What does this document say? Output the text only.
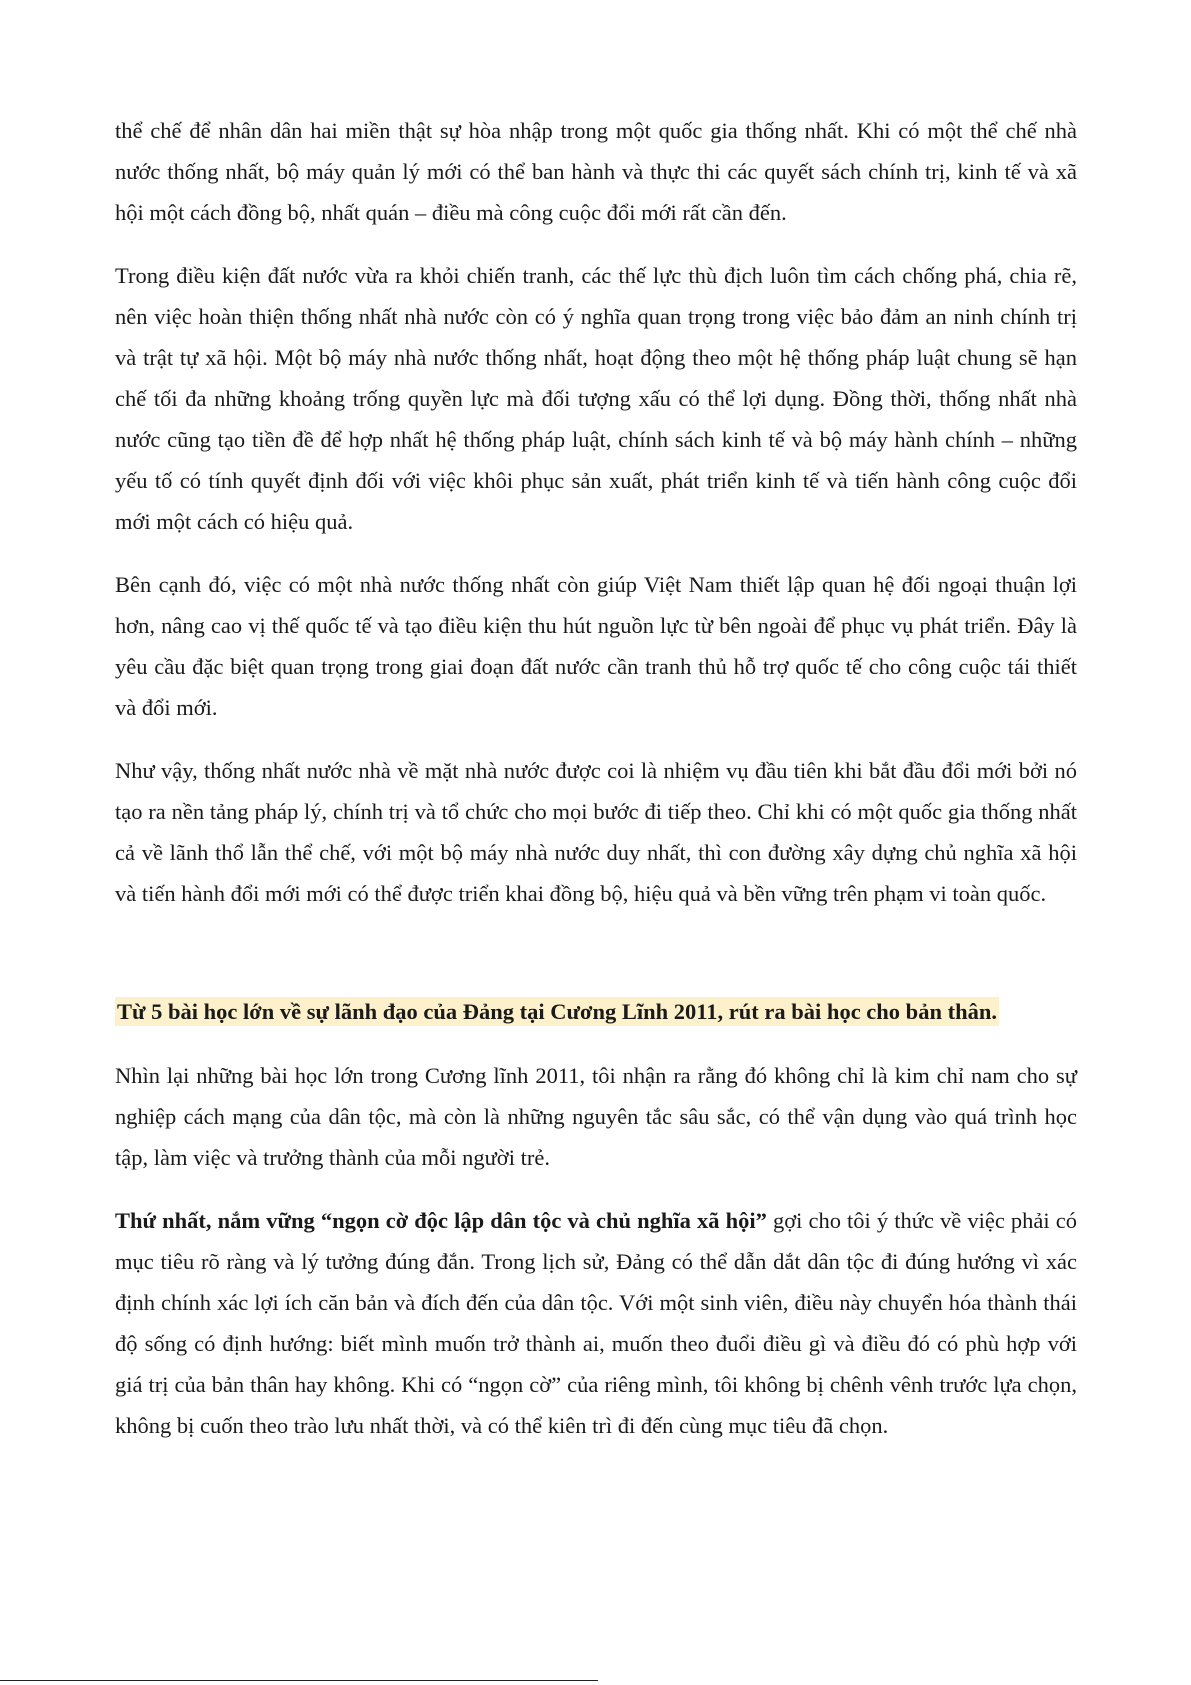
thể chế để nhân dân hai miền thật sự hòa nhập trong một quốc gia thống nhất. Khi có một thể chế nhà nước thống nhất, bộ máy quản lý mới có thể ban hành và thực thi các quyết sách chính trị, kinh tế và xã hội một cách đồng bộ, nhất quán – điều mà công cuộc đổi mới rất cần đến.

Trong điều kiện đất nước vừa ra khỏi chiến tranh, các thế lực thù địch luôn tìm cách chống phá, chia rẽ, nên việc hoàn thiện thống nhất nhà nước còn có ý nghĩa quan trọng trong việc bảo đảm an ninh chính trị và trật tự xã hội. Một bộ máy nhà nước thống nhất, hoạt động theo một hệ thống pháp luật chung sẽ hạn chế tối đa những khoảng trống quyền lực mà đối tượng xấu có thể lợi dụng. Đồng thời, thống nhất nhà nước cũng tạo tiền đề để hợp nhất hệ thống pháp luật, chính sách kinh tế và bộ máy hành chính – những yếu tố có tính quyết định đối với việc khôi phục sản xuất, phát triển kinh tế và tiến hành công cuộc đổi mới một cách có hiệu quả.

Bên cạnh đó, việc có một nhà nước thống nhất còn giúp Việt Nam thiết lập quan hệ đối ngoại thuận lợi hơn, nâng cao vị thế quốc tế và tạo điều kiện thu hút nguồn lực từ bên ngoài để phục vụ phát triển. Đây là yêu cầu đặc biệt quan trọng trong giai đoạn đất nước cần tranh thủ hỗ trợ quốc tế cho công cuộc tái thiết và đổi mới.

Như vậy, thống nhất nước nhà về mặt nhà nước được coi là nhiệm vụ đầu tiên khi bắt đầu đổi mới bởi nó tạo ra nền tảng pháp lý, chính trị và tổ chức cho mọi bước đi tiếp theo. Chỉ khi có một quốc gia thống nhất cả về lãnh thổ lẫn thể chế, với một bộ máy nhà nước duy nhất, thì con đường xây dựng chủ nghĩa xã hội và tiến hành đổi mới mới có thể được triển khai đồng bộ, hiệu quả và bền vững trên phạm vi toàn quốc.

Từ 5 bài học lớn về sự lãnh đạo của Đảng tại Cương Lĩnh 2011, rút ra bài học cho bản thân.

Nhìn lại những bài học lớn trong Cương lĩnh 2011, tôi nhận ra rằng đó không chỉ là kim chỉ nam cho sự nghiệp cách mạng của dân tộc, mà còn là những nguyên tắc sâu sắc, có thể vận dụng vào quá trình học tập, làm việc và trưởng thành của mỗi người trẻ.

Thứ nhất, nắm vững “ngọn cờ độc lập dân tộc và chủ nghĩa xã hội” gợi cho tôi ý thức về việc phải có mục tiêu rõ ràng và lý tưởng đúng đắn. Trong lịch sử, Đảng có thể dẫn dắt dân tộc đi đúng hướng vì xác định chính xác lợi ích căn bản và đích đến của dân tộc. Với một sinh viên, điều này chuyển hóa thành thái độ sống có định hướng: biết mình muốn trở thành ai, muốn theo đuổi điều gì và điều đó có phù hợp với giá trị của bản thân hay không. Khi có “ngọn cờ” của riêng mình, tôi không bị chênh vênh trước lựa chọn, không bị cuốn theo trào lưu nhất thời, và có thể kiên trì đi đến cùng mục tiêu đã chọn.
